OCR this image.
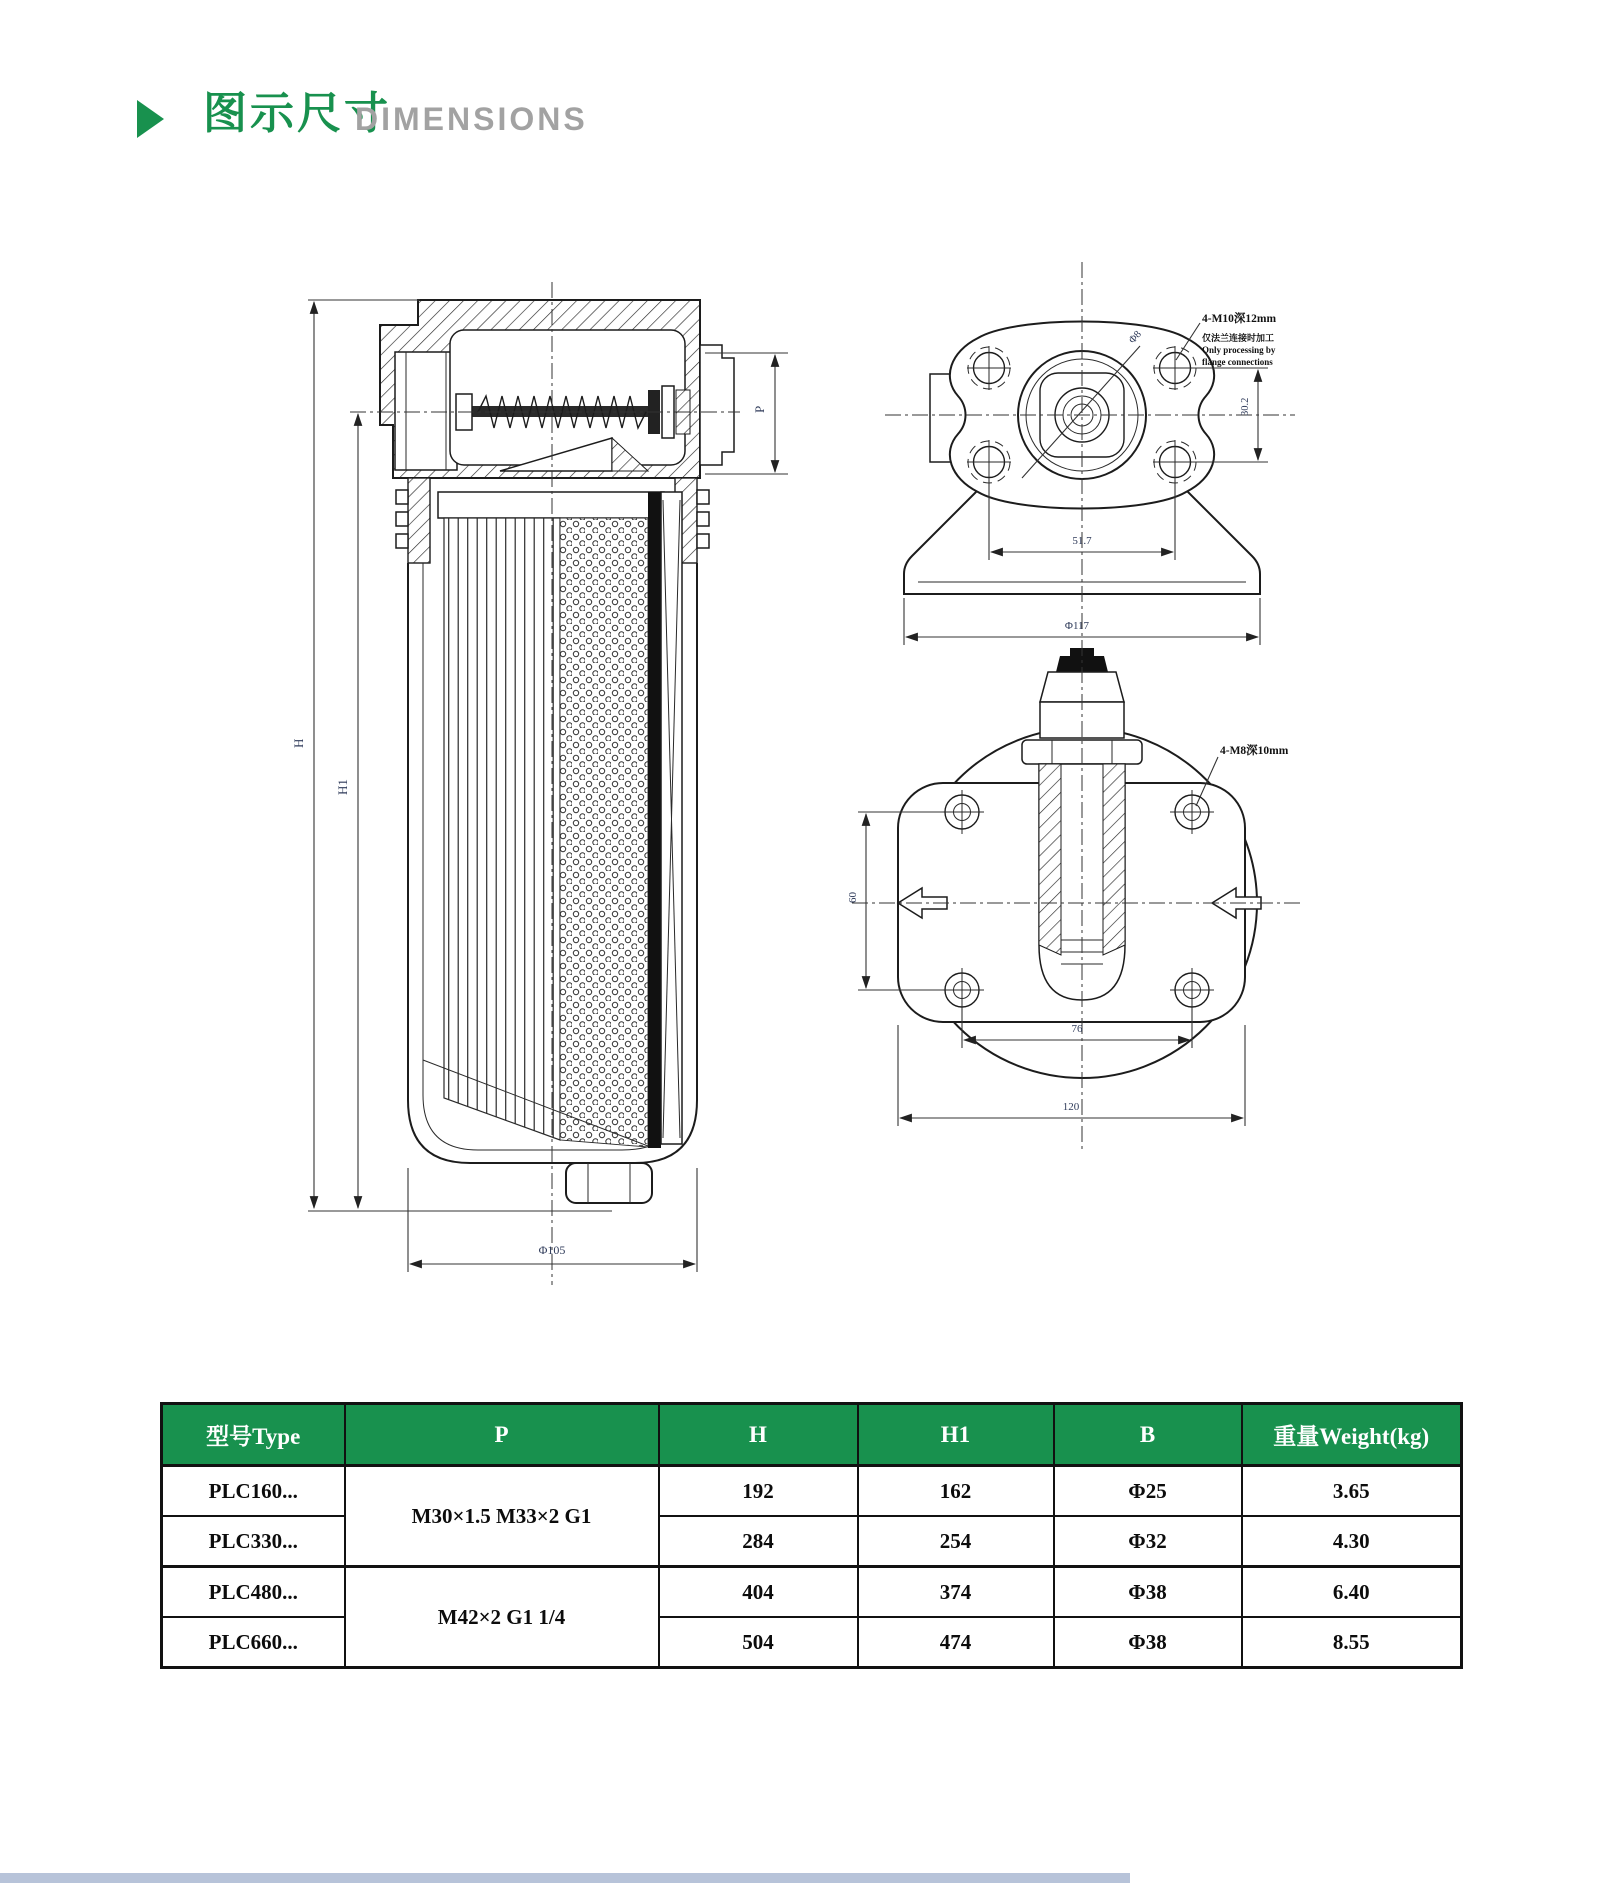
图示尺寸
DIMENSIONS
H
H1
P
Φ105
Φ8
4-M10深12mm
仅法兰连接时加工
Only processing by
flange connections
30.2
51.7
Φ117
4-M8深10mm
60
76
120
型号Type	P	H	H1	B	重量Weight(kg)
PLC160...	M30×1.5 M33×2 G1	192	162	Φ25	3.65
PLC330...		284	254	Φ32	4.30
PLC480...	M42×2 G1 1/4	404	374	Φ38	6.40
PLC660...		504	474	Φ38	8.55
